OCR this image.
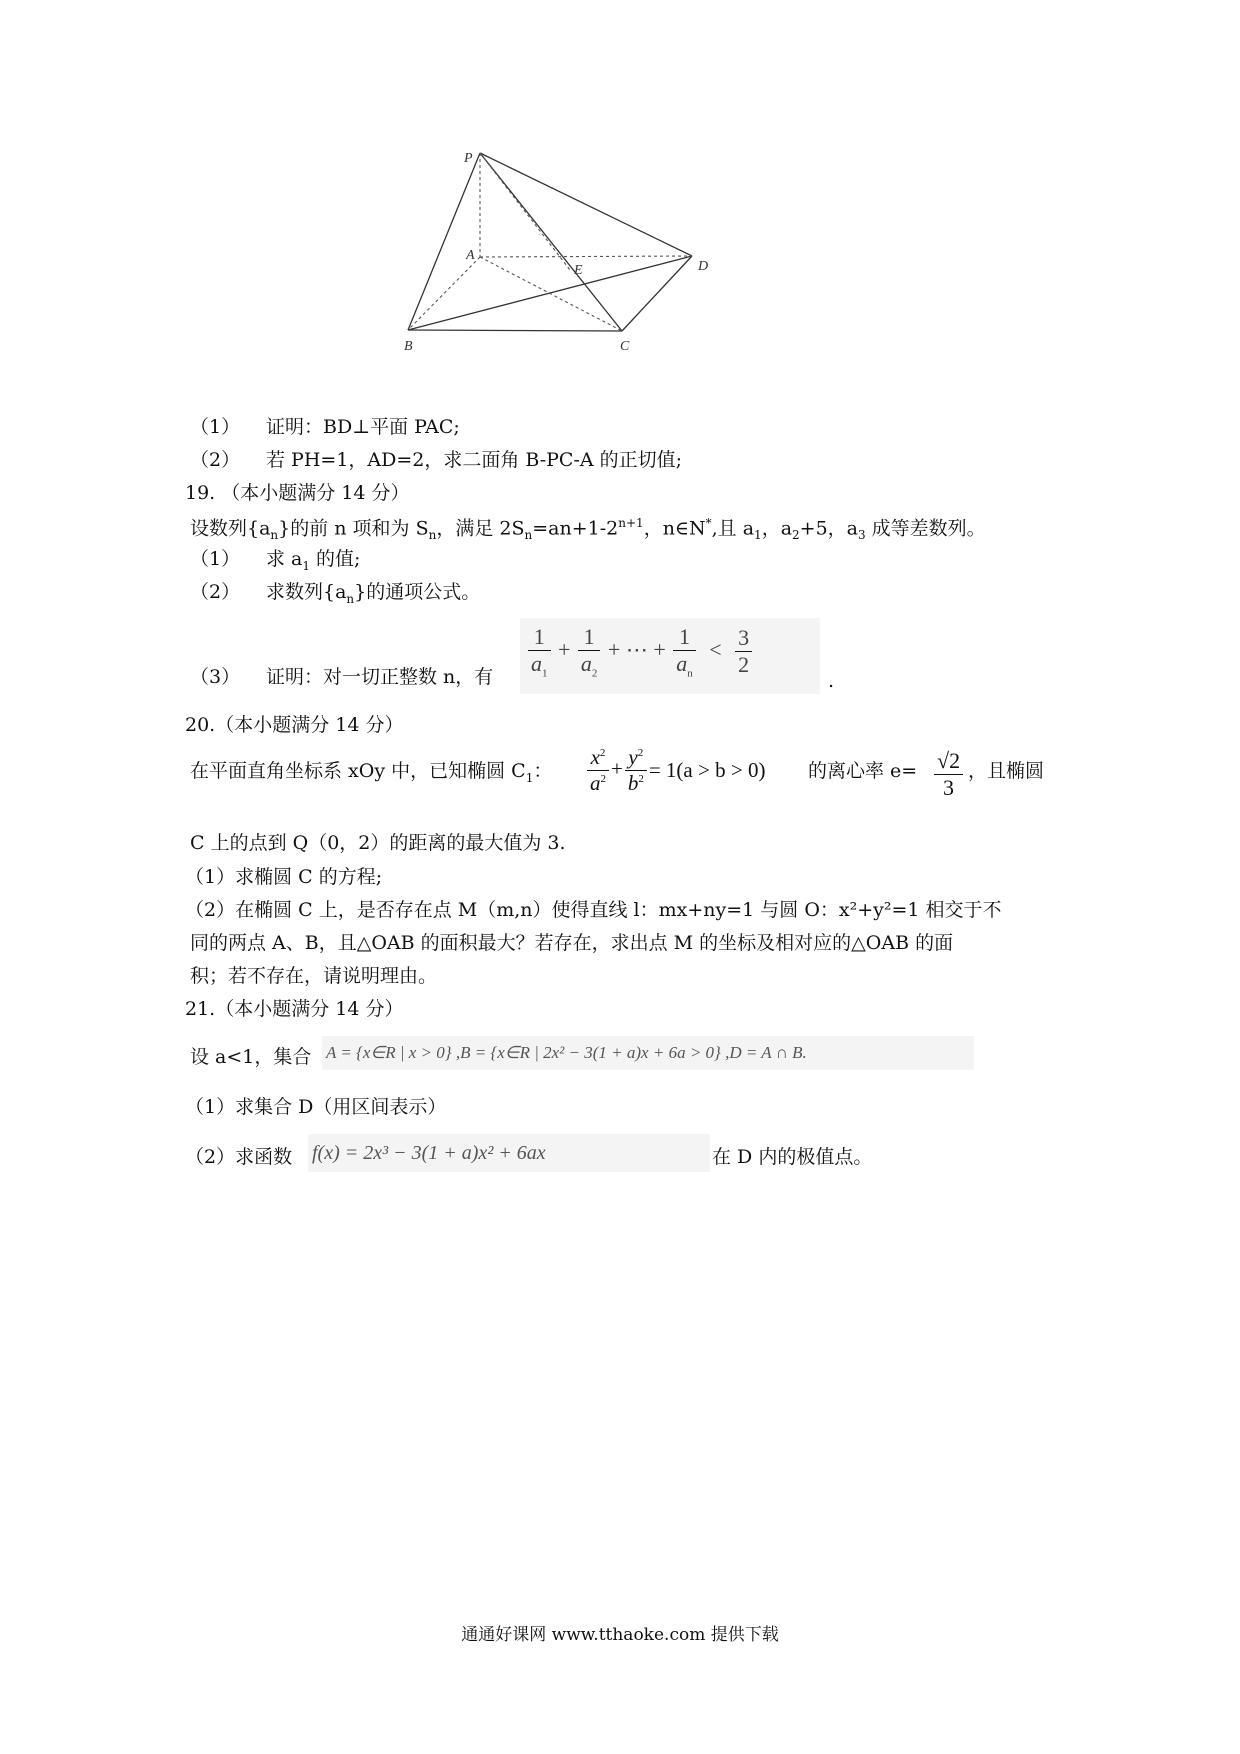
P
A
E	D
B	C
（1） 证明：BD⊥平面 PAC;
（2） 若 PH=1，AD=2，求二面角 B-PC-A 的正切值;
19. （本小题满分 14 分）
设数列$\{a_n\}$的前 n 项和为 $S_n$，满足 $2S_n=an+1-2^{n+1}$，n∈N*,且 $a_1$，$a_2+5$，$a_3$ 成等差数列。
（1） 求 $a_1$ 的值;
（2） 求数列$\{a_n\}$的通项公式。
（3） 证明：对一切正整数 n，有 $\frac{1}{a_1} + \frac{1}{a_2}$ + ⋯ + $\frac{1}{a_n} < \frac{3}{2}$
.
20.（本小题满分 14 分）
在平面直角坐标系 xOy 中，已知椭圆 $C_1$： $\frac{x^2}{a^2} + \frac{y^2}{b^2} = 1(a > b > 0)$ 的离心率 $e= \frac{√2}{3}$ ，且椭圆
C 上的点到 Q（0，2）的距离的最大值为 3.
（1）求椭圆 C 的方程;
（2）在椭圆 C 上，是否存在点 M（m,n）使得直线 l：mx+ny=1 与圆 O：x²+y²=1 相交于不
同的两点 A、B，且△OAB 的面积最大？若存在，求出点 M 的坐标及相对应的△OAB 的面
积；若不存在，请说明理由。
21.（本小题满分 14 分）
设 a<1，集合 A = {x∈R | x > 0} ,B = {x∈R | 2x² − 3(1 + a)x + 6a > 0} ,D = A ∩ B.
（1）求集合 D（用区间表示）
（2）求函数 f(x) = 2x³ − 3(1 + a)x² + 6ax	在 D 内的极值点。
通通好课网 www.tthaoke.com 提供下载
